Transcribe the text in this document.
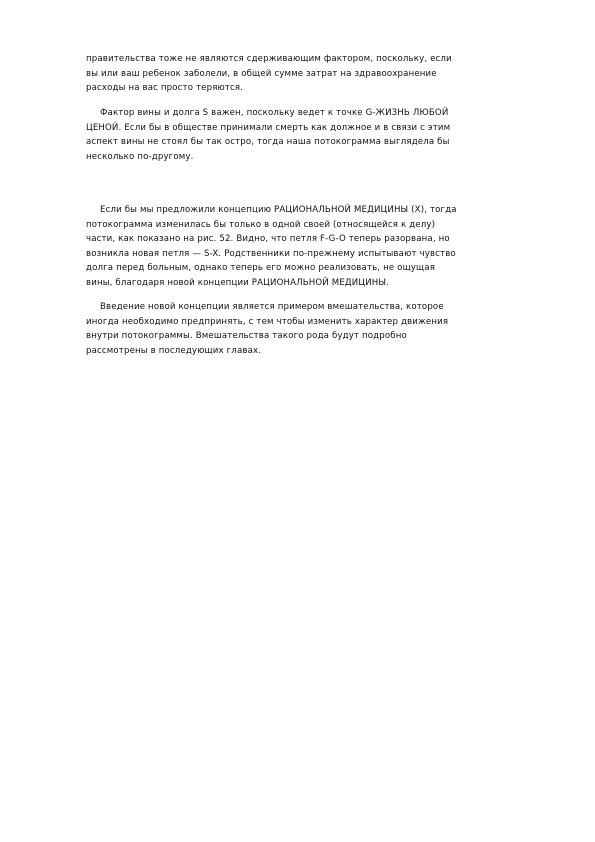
правительства тоже не являются сдерживающим фактором, поскольку, если
вы или ваш ребенок заболели, в общей сумме затрат на здравоохранение
расходы на вас просто теряются.
Фактор вины и долга S важен, поскольку ведет к точке G-ЖИЗНЬ ЛЮБОЙ
ЦЕНОЙ. Если бы в обществе принимали смерть как должное и в связи с этим
аспект вины не стоял бы так остро, тогда наша потокограмма выглядела бы
несколько по-другому.
Если бы мы предложили концепцию РАЦИОНАЛЬНОЙ МЕДИЦИНЫ (X), тогда
потокограмма изменилась бы только в одной своей (относящейся к делу)
части, как показано на рис. 52. Видно, что петля F-G-O теперь разорвана, но
возникла новая петля — S-X. Родственники по-прежнему испытывают чувство
долга перед больным, однако теперь его можно реализовать, не ощущая
вины, благодаря новой концепции РАЦИОНАЛЬНОЙ МЕДИЦИНЫ.
Введение новой концепции является примером вмешательства, которое
иногда необходимо предпринять, с тем чтобы изменить характер движения
внутри потокограммы. Вмешательства такого рода будут подробно
рассмотрены в последующих главах.
